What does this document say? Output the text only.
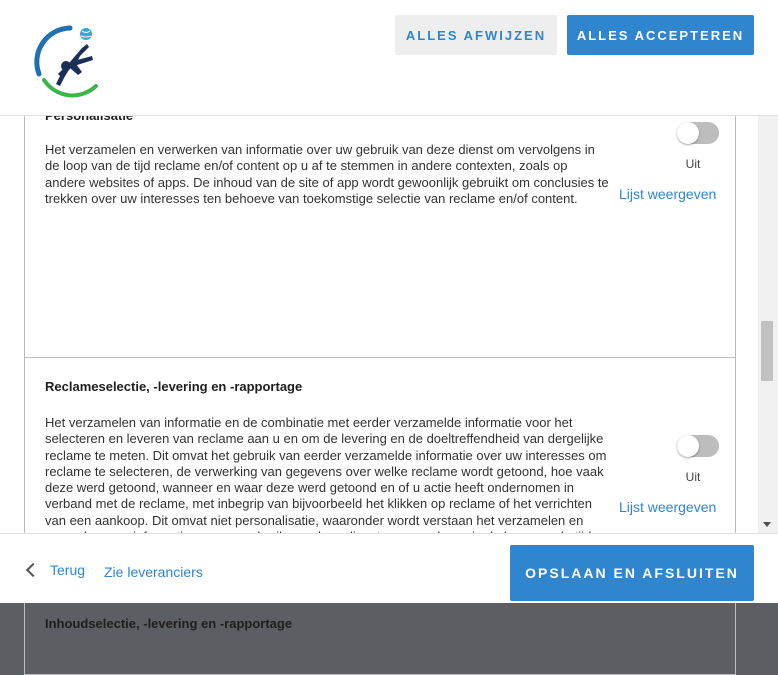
ALLES AFWIJZEN	ALLES ACCEPTEREN
Het verzamelen en verwerken van informatie over uw gebruik van deze dienst om vervolgens in de loop van de tijd reclame en/of content op u af te stemmen in andere contexten, zoals op andere websites of apps. De inhoud van de site of app wordt gewoonlijk gebruikt om conclusies te trekken over uw interesses ten behoeve van toekomstige selectie van reclame en/of content.
Uit
Lijst weergeven
Reclameselectie, -levering en -rapportage
Het verzamelen van informatie en de combinatie met eerder verzamelde informatie voor het selecteren en leveren van reclame aan u en om de levering en de doeltreffendheid van dergelijke reclame te meten. Dit omvat het gebruik van eerder verzamelde informatie over uw interesses om reclame te selecteren, de verwerking van gegevens over welke reclame wordt getoond, hoe vaak deze werd getoond, wanneer en waar deze werd getoond en of u actie heeft ondernomen in verband met de reclame, met inbegrip van bijvoorbeeld het klikken op reclame of het verrichten van een aankoop. Dit omvat niet personalisatie, waaronder wordt verstaan het verzamelen en
Uit
Lijst weergeven
Inhoudselectie, -levering en -rapportage
Terug Zie leveranciers	OPSLAAN EN AFSLUITEN
